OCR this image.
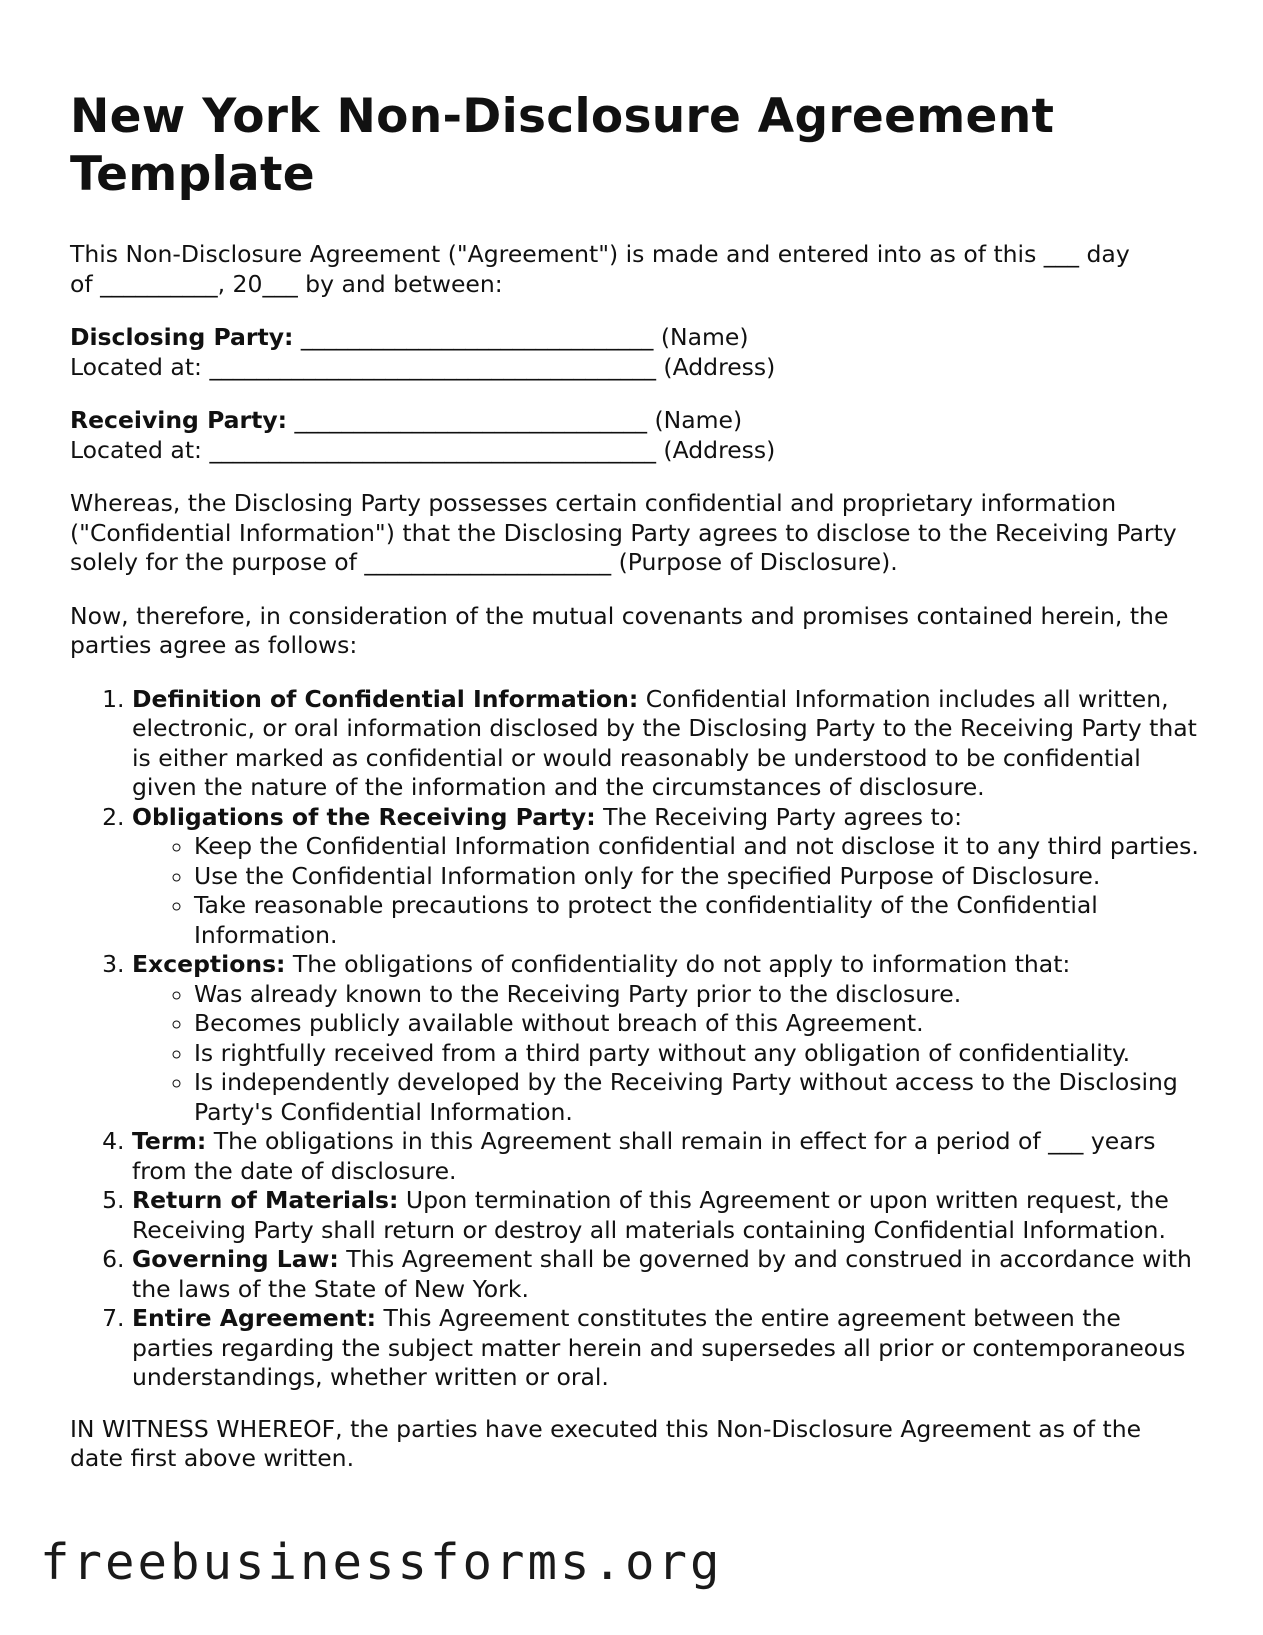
New York Non-Disclosure Agreement Template

This Non-Disclosure Agreement ("Agreement") is made and entered into as of this ___ day
of __________, 20___ by and between:

Disclosing Party: ______________________________ (Name)
Located at: ______________________________________ (Address)
Receiving Party: ______________________________ (Name)
Located at: ______________________________________ (Address)

Whereas, the Disclosing Party possesses certain confidential and proprietary information ("Confidential Information") that the Disclosing Party agrees to disclose to the Receiving Party solely for the purpose of _____________________ (Purpose of Disclosure).

Now, therefore, in consideration of the mutual covenants and promises contained herein, the parties agree as follows:

1. Definition of Confidential Information: Confidential Information includes all written, electronic, or oral information disclosed by the Disclosing Party to the Receiving Party that is either marked as confidential or would reasonably be understood to be confidential given the nature of the information and the circumstances of disclosure.
2. Obligations of the Receiving Party: The Receiving Party agrees to:
◦ Keep the Confidential Information confidential and not disclose it to any third parties.
◦ Use the Confidential Information only for the specified Purpose of Disclosure.
◦ Take reasonable precautions to protect the confidentiality of the Confidential Information.
3. Exceptions: The obligations of confidentiality do not apply to information that:
◦ Was already known to the Receiving Party prior to the disclosure.
◦ Becomes publicly available without breach of this Agreement.
◦ Is rightfully received from a third party without any obligation of confidentiality.
◦ Is independently developed by the Receiving Party without access to the Disclosing Party's Confidential Information.
4. Term: The obligations in this Agreement shall remain in effect for a period of ___ years from the date of disclosure.
5. Return of Materials: Upon termination of this Agreement or upon written request, the Receiving Party shall return or destroy all materials containing Confidential Information.
6. Governing Law: This Agreement shall be governed by and construed in accordance with the laws of the State of New York.
7. Entire Agreement: This Agreement constitutes the entire agreement between the parties regarding the subject matter herein and supersedes all prior or contemporaneous understandings, whether written or oral.

IN WITNESS WHEREOF, the parties have executed this Non-Disclosure Agreement as of the date first above written.

freebusinessforms.org
